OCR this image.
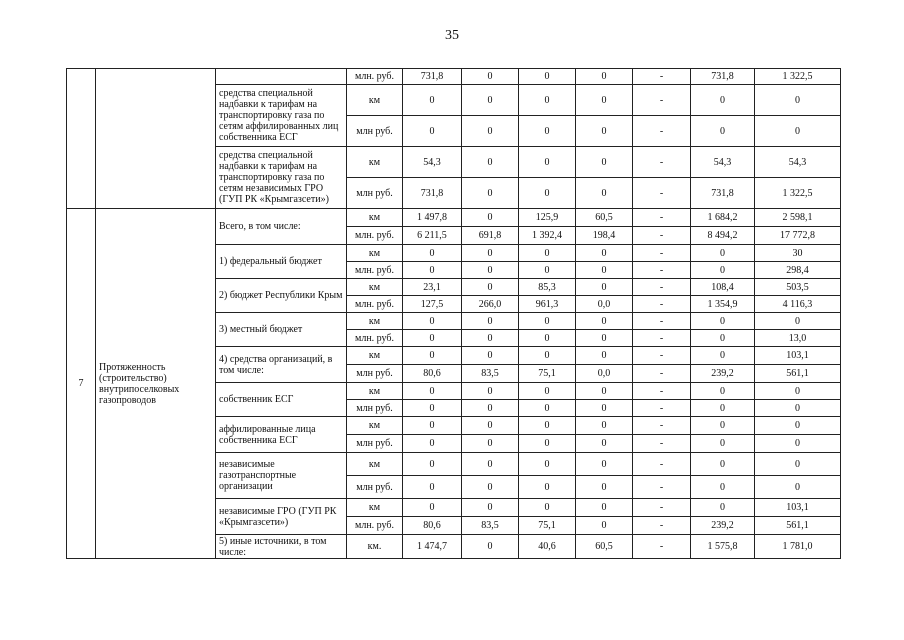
35
			млн. руб.	731,8	0	0	0	-	731,8	1 322,5
		средства специальной надбавки к тарифам на транспортировку газа по сетям аффилированных лиц собственника ЕСГ	км	0	0	0	0	-	0	0
			млн руб.	0	0	0	0	-	0	0
		средства специальной надбавки к тарифам на транспортировку газа по сетям независимых ГРО (ГУП РК «Крымгазсети»)	км	54,3	0	0	0	-	54,3	54,3
			млн руб.	731,8	0	0	0	-	731,8	1 322,5
7	Протяженность (строительство) внутрипоселковых газопроводов	Всего, в том числе:	км	1 497,8	0	125,9	60,5	-	1 684,2	2 598,1
			млн. руб.	6 211,5	691,8	1 392,4	198,4	-	8 494,2	17 772,8
		1) федеральный бюджет	км	0	0	0	0	-	0	30
			млн. руб.	0	0	0	0	-	0	298,4
		2) бюджет Республики Крым	км	23,1	0	85,3	0	-	108,4	503,5
			млн. руб.	127,5	266,0	961,3	0,0	-	1 354,9	4 116,3
		3) местный бюджет	км	0	0	0	0	-	0	0
			млн. руб.	0	0	0	0	-	0	13,0
		4) средства организаций, в том числе:	км	0	0	0	0	-	0	103,1
			млн руб.	80,6	83,5	75,1	0,0	-	239,2	561,1
		собственник ЕСГ	км	0	0	0	0	-	0	0
			млн руб.	0	0	0	0	-	0	0
		аффилированные лица собственника ЕСГ	км	0	0	0	0	-	0	0
			млн руб.	0	0	0	0	-	0	0
		независимые газотранспортные организации	км	0	0	0	0	-	0	0
			млн руб.	0	0	0	0	-	0	0
		независимые ГРО (ГУП РК «Крымгазсети»)	км	0	0	0	0	-	0	103,1
			млн. руб.	80,6	83,5	75,1	0	-	239,2	561,1
		5) иные источники, в том числе:	км.	1 474,7	0	40,6	60,5	-	1 575,8	1 781,0
